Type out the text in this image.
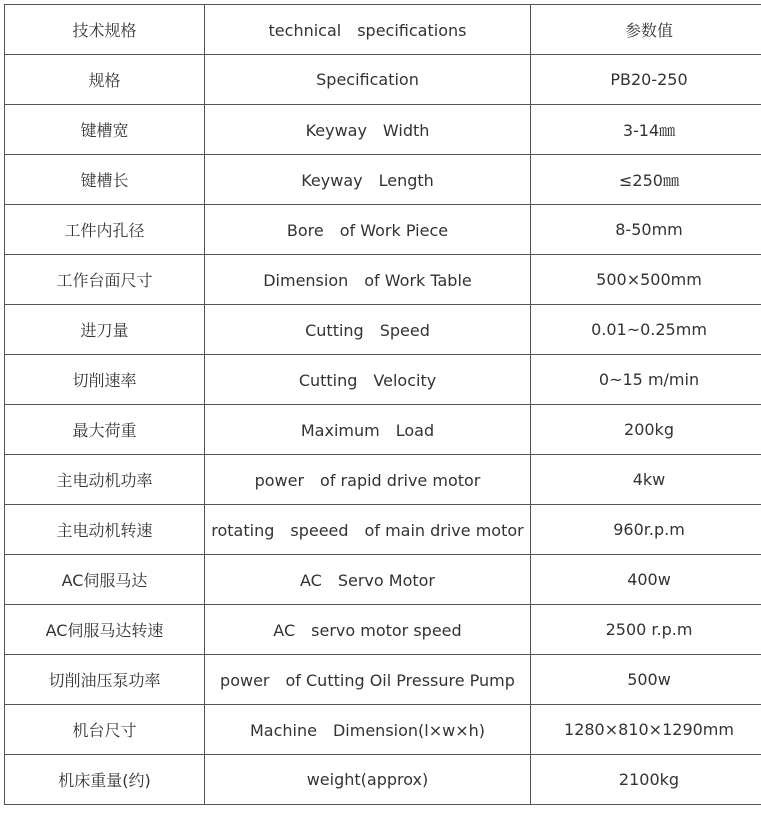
技术规格	technical　specifications	参数值
规格	Specification	PB20-250
键槽宽	Keyway　Width	3-14㎜
键槽长	Keyway　Length	≤250㎜
工件内孔径	Bore　of Work Piece	8-50mm
工作台面尺寸	Dimension　of Work Table	500×500mm
进刀量	Cutting　Speed	0.01~0.25mm
切削速率	Cutting　Velocity	0~15 m/min
最大荷重	Maximum　Load	200kg
主电动机功率	power　of rapid drive motor	4kw
主电动机转速	rotating　speeed　of main drive motor	960r.p.m
AC伺服马达	AC　Servo Motor	400w
AC伺服马达转速	AC　servo motor speed	2500 r.p.m
切削油压泵功率	power　of Cutting Oil Pressure Pump	500w
机台尺寸	Machine　Dimension(l×w×h)	1280×810×1290mm
机床重量(约)	weight(approx)	2100kg
